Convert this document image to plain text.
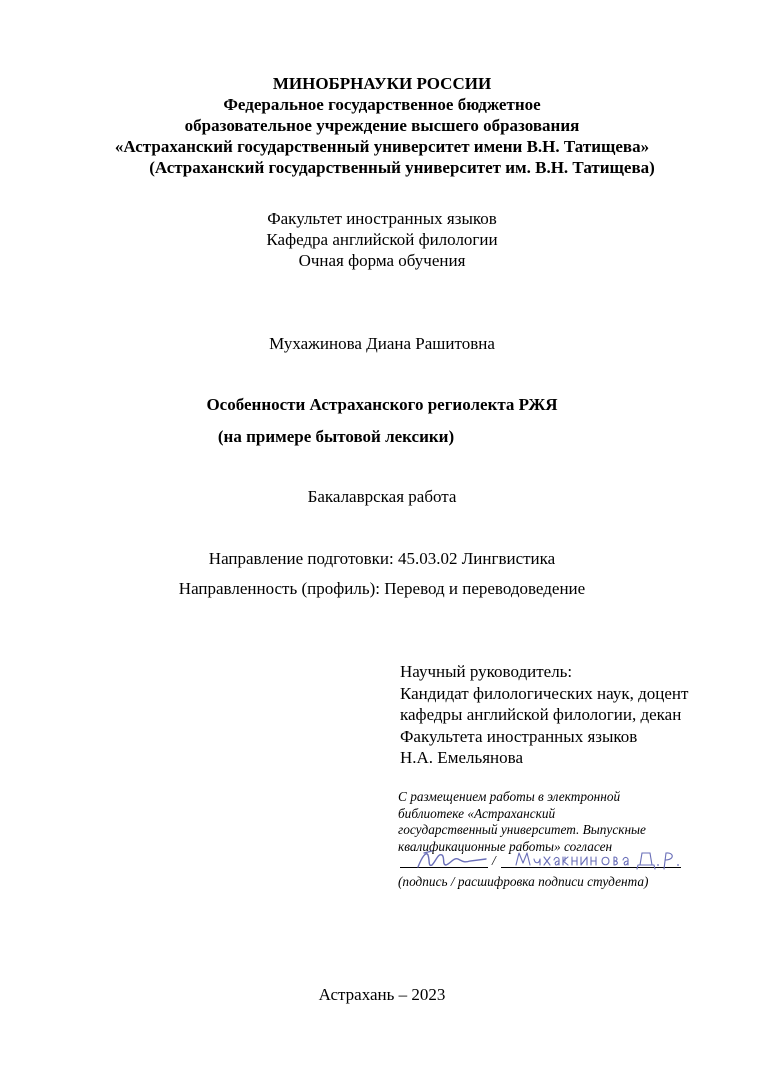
МИНОБРНАУКИ РОССИИ
Федеральное государственное бюджетное
образовательное учреждение высшего образования
«Астраханский государственный университет имени В.Н. Татищева»
(Астраханский государственный университет им. В.Н. Татищева)
Факультет иностранных языков
Кафедра английской филологии
Очная форма обучения
Мухажинова Диана Рашитовна
Особенности Астраханского региолекта РЖЯ
(на примере бытовой лексики)
Бакалаврская работа
Направление подготовки: 45.03.02 Лингвистика
Направленность (профиль): Перевод и переводоведение
Научный руководитель:
Кандидат филологических наук, доцент
кафедры английской филологии, декан
Факультета иностранных языков
Н.А. Емельянова
С размещением работы в электронной
библиотеке «Астраханский
государственный университет. Выпускные
квалификационные работы» согласен
/
(подпись / расшифровка подписи студента)
Астрахань – 2023
